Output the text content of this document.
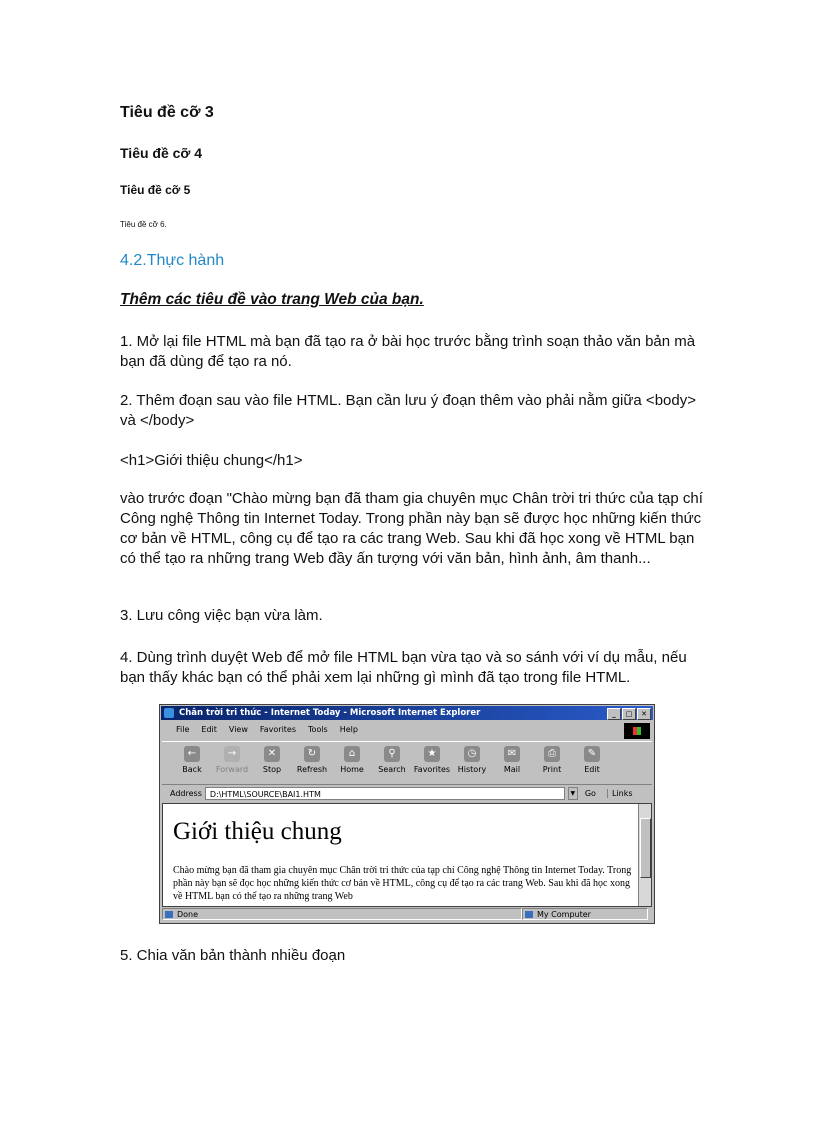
Tiêu đề cỡ 3
Tiêu đề cỡ 4
Tiêu đề cỡ 5
Tiêu đề cỡ 6.
4.2.Thực hành
Thêm các tiêu đề vào trang Web của bạn.
1. Mở lại file HTML mà bạn đã tạo ra ở bài học trước bằng trình soạn thảo văn bản mà bạn đã dùng để tạo ra nó.
2. Thêm đoạn sau vào file HTML. Bạn cần lưu ý đoạn thêm vào phải nằm giữa <body> và </body>
<h1>Giới thiệu chung</h1>
vào trước đoạn "Chào mừng bạn đã tham gia chuyên mục Chân trời tri thức của tạp chí Công nghệ Thông tin Internet Today. Trong phần này bạn sẽ được học những kiến thức cơ bản về HTML, công cụ để tạo ra các trang Web. Sau khi đã học xong về HTML bạn có thể tạo ra những trang Web đầy ấn tượng với văn bản, hình ảnh, âm thanh...
3. Lưu công việc bạn vừa làm.
4. Dùng trình duyệt Web để mở file HTML bạn vừa tạo và so sánh với ví dụ mẫu, nếu bạn thấy khác bạn có thể phải xem lại những gì mình đã tạo trong file HTML.
5. Chia văn bản thành nhiều đoạn
Chân trời tri thức - Internet Today - Microsoft Internet Explorer	_	□	✕
File Edit View Favorites Tools Help
←
Back
→
Forward
✕
Stop
↻
Refresh
⌂
Home
⚲
Search
★
Favorites
◷
History
✉
Mail
⎙
Print
✎
Edit
Address	D:\HTML\SOURCE\BAI1.HTM	▼	Go	Links
Giới thiệu chung
Chào mừng bạn đã tham gia chuyên mục Chân trời tri thức của tạp chí Công nghệ Thông tin Internet Today. Trong phần này bạn sẽ đọc học những kiến thức cơ bản về HTML, công cụ để tạo ra các trang Web. Sau khi đã học xong về HTML bạn có thể tạo ra những trang Web
Done	My Computer
